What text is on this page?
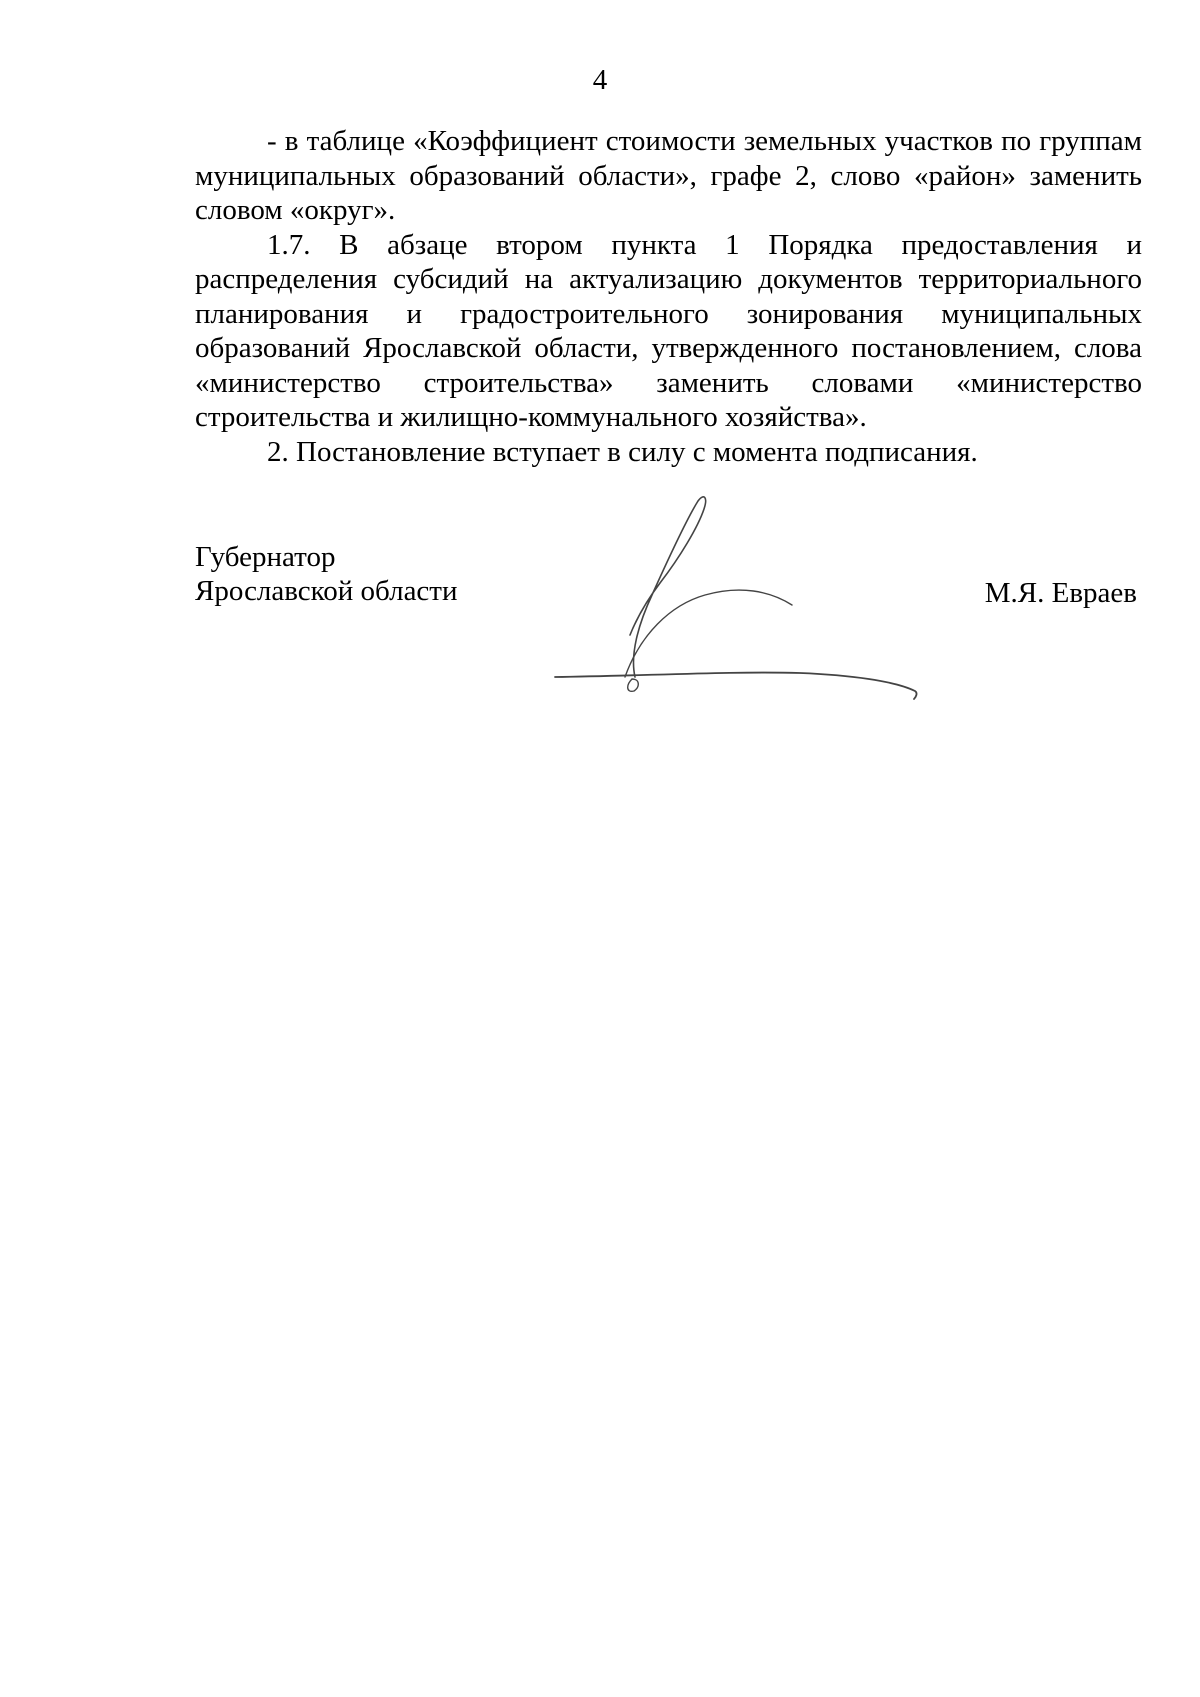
4

- в таблице «Коэффициент стоимости земельных участков по группам муниципальных образований области», графе 2, слово «район» заменить словом «округ».

1.7. В абзаце втором пункта 1 Порядка предоставления и распределения субсидий на актуализацию документов территориального планирования и градостроительного зонирования муниципальных образований Ярославской области, утвержденного постановлением, слова «министерство строительства» заменить словами «министерство строительства и жилищно-коммунального хозяйства».

2. Постановление вступает в силу с момента подписания.

Губернатор
Ярославской области	М.Я. Евраев
